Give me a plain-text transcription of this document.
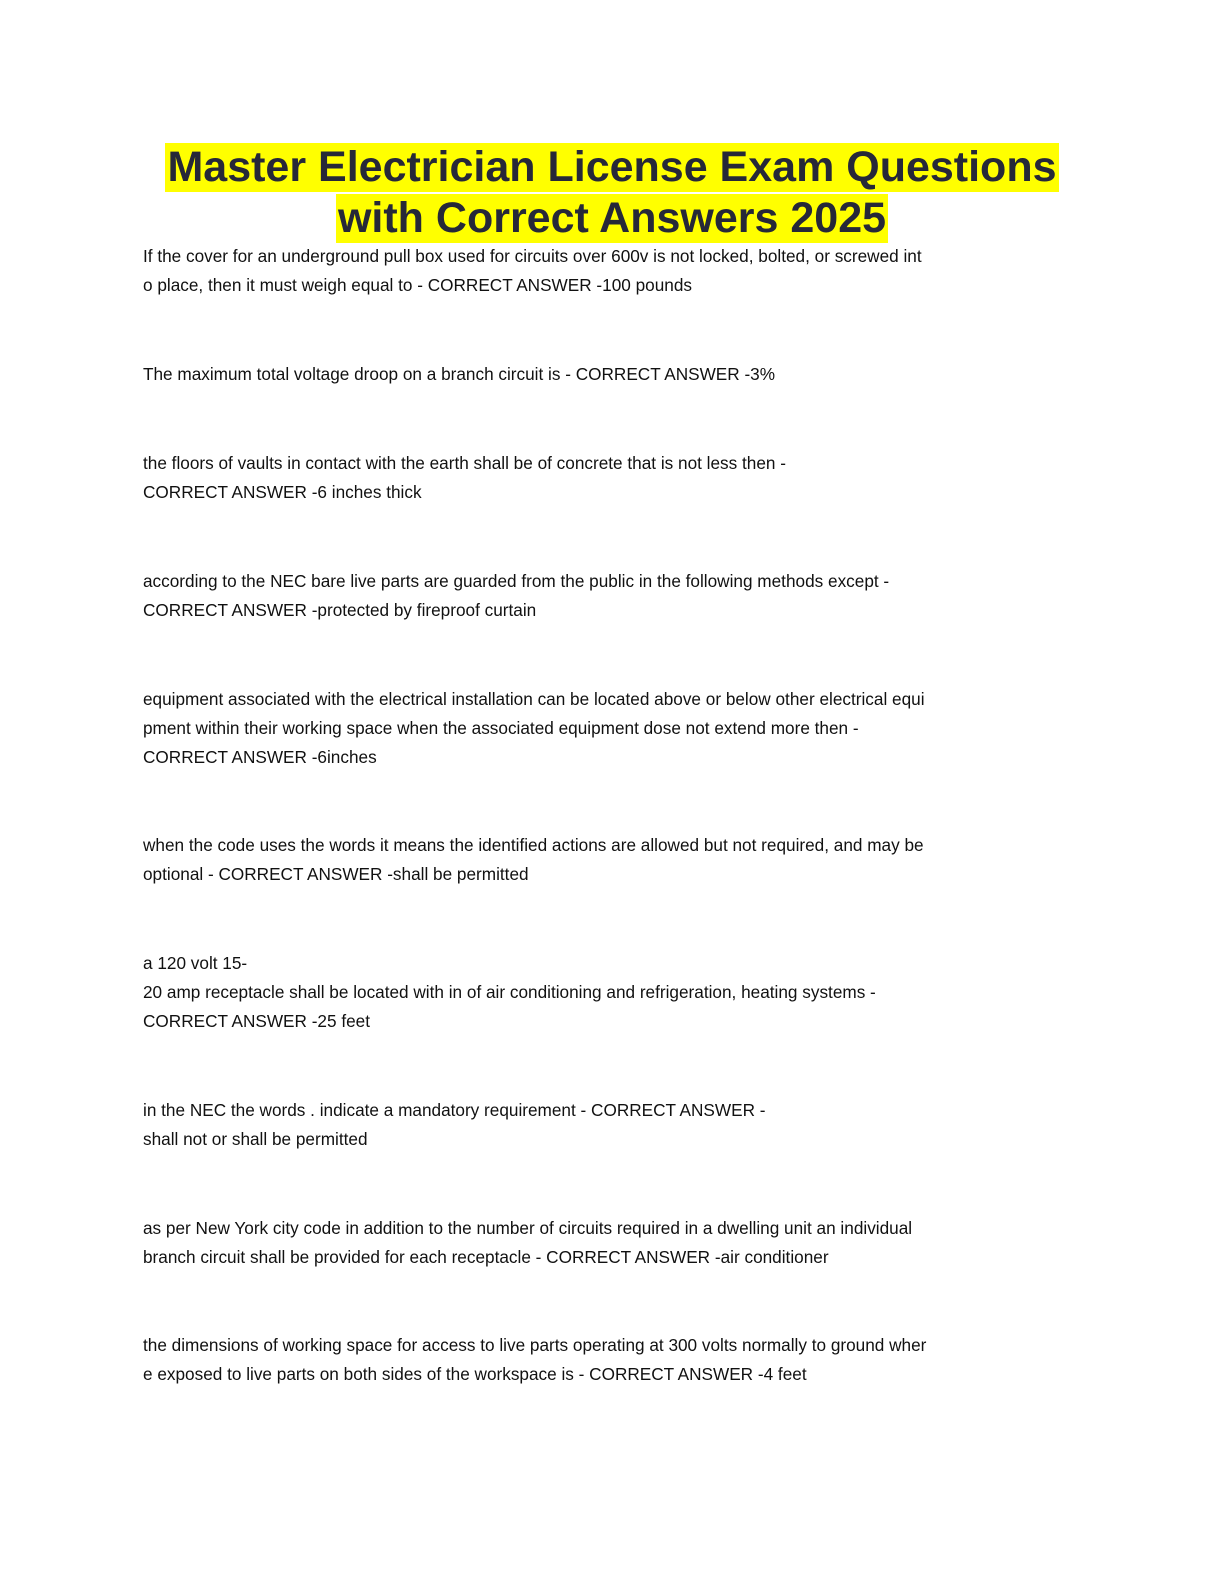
Master Electrician License Exam Questions
with Correct Answers 2025
If the cover for an underground pull box used for circuits over 600v is not locked, bolted, or screwed int
o place, then it must weigh equal to - CORRECT ANSWER -100 pounds
The maximum total voltage droop on a branch circuit is - CORRECT ANSWER -3%
the floors of vaults in contact with the earth shall be of concrete that is not less then -
CORRECT ANSWER -6 inches thick
according to the NEC bare live parts are guarded from the public in the following methods except -
CORRECT ANSWER -protected by fireproof curtain
equipment associated with the electrical installation can be located above or below other electrical equi
pment within their working space when the associated equipment dose not extend more then -
CORRECT ANSWER -6inches
when the code uses the words it means the identified actions are allowed but not required, and may be
optional - CORRECT ANSWER -shall be permitted
a 120 volt 15-
20 amp receptacle shall be located with in of air conditioning and refrigeration, heating systems -
CORRECT ANSWER -25 feet
in the NEC the words . indicate a mandatory requirement - CORRECT ANSWER -
shall not or shall be permitted
as per New York city code in addition to the number of circuits required in a dwelling unit an individual
branch circuit shall be provided for each receptacle - CORRECT ANSWER -air conditioner
the dimensions of working space for access to live parts operating at 300 volts normally to ground wher
e exposed to live parts on both sides of the workspace is - CORRECT ANSWER -4 feet
